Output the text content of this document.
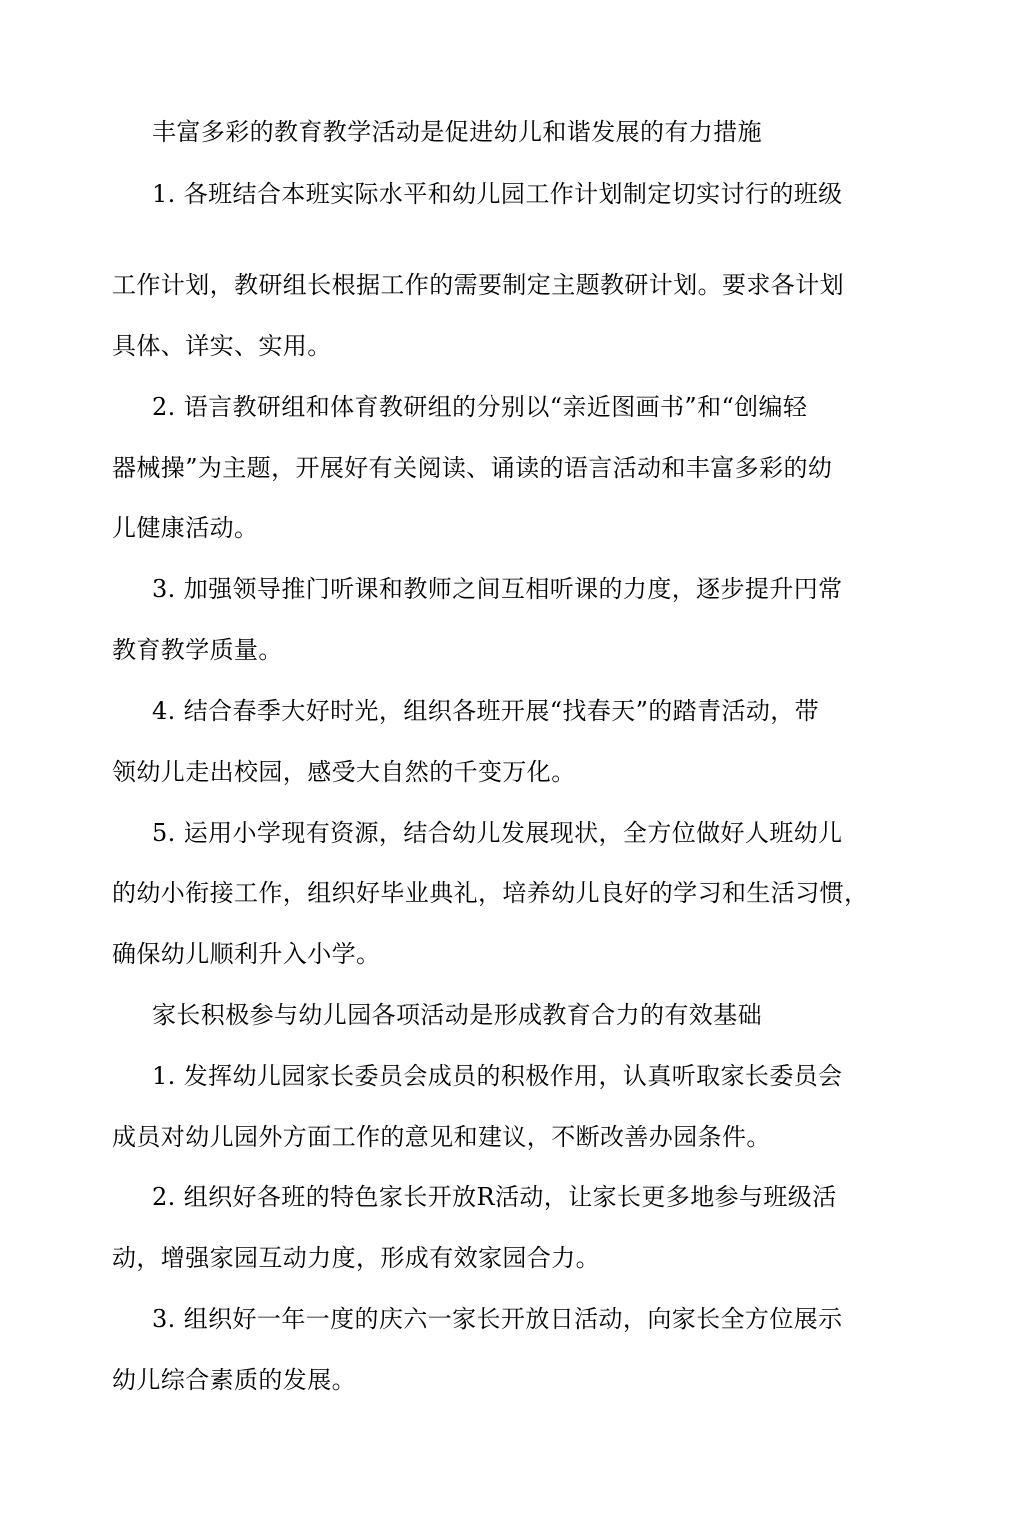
丰富多彩的教育教学活动是促进幼儿和谐发展的有力措施
1. 各班结合本班实际水平和幼儿园工作计划制定切实讨行的班级
工作计划，教研组长根据工作的需要制定主题教研计划。要求各计划
具体、详实、实用。
2. 语言教研组和体育教研组的分别以“亲近图画书”和“创编轻
器械操”为主题，开展好有关阅读、诵读的语言活动和丰富多彩的幼
儿健康活动。
3. 加强领导推门听课和教师之间互相听课的力度，逐步提升円常
教育教学质量。
4. 结合春季大好时光，组织各班开展“找春天”的踏青活动，带
领幼儿走出校园，感受大自然的千变万化。
5. 运用小学现有资源，结合幼儿发展现状，全方位做好人班幼儿
的幼小衔接工作，组织好毕业典礼，培养幼儿良好的学习和生活习惯，
确保幼儿顺利升入小学。
家长积极参与幼儿园各项活动是形成教育合力的有效基础
1. 发挥幼儿园家长委员会成员的积极作用，认真听取家长委员会
成员对幼儿园外方面工作的意见和建议，不断改善办园条件。
2. 组织好各班的特色家长开放R活动，让家长更多地参与班级活
动，增强家园互动力度，形成有效家园合力。
3. 组织好一年一度的庆六一家长开放日活动，向家长全方位展示
幼儿综合素质的发展。
